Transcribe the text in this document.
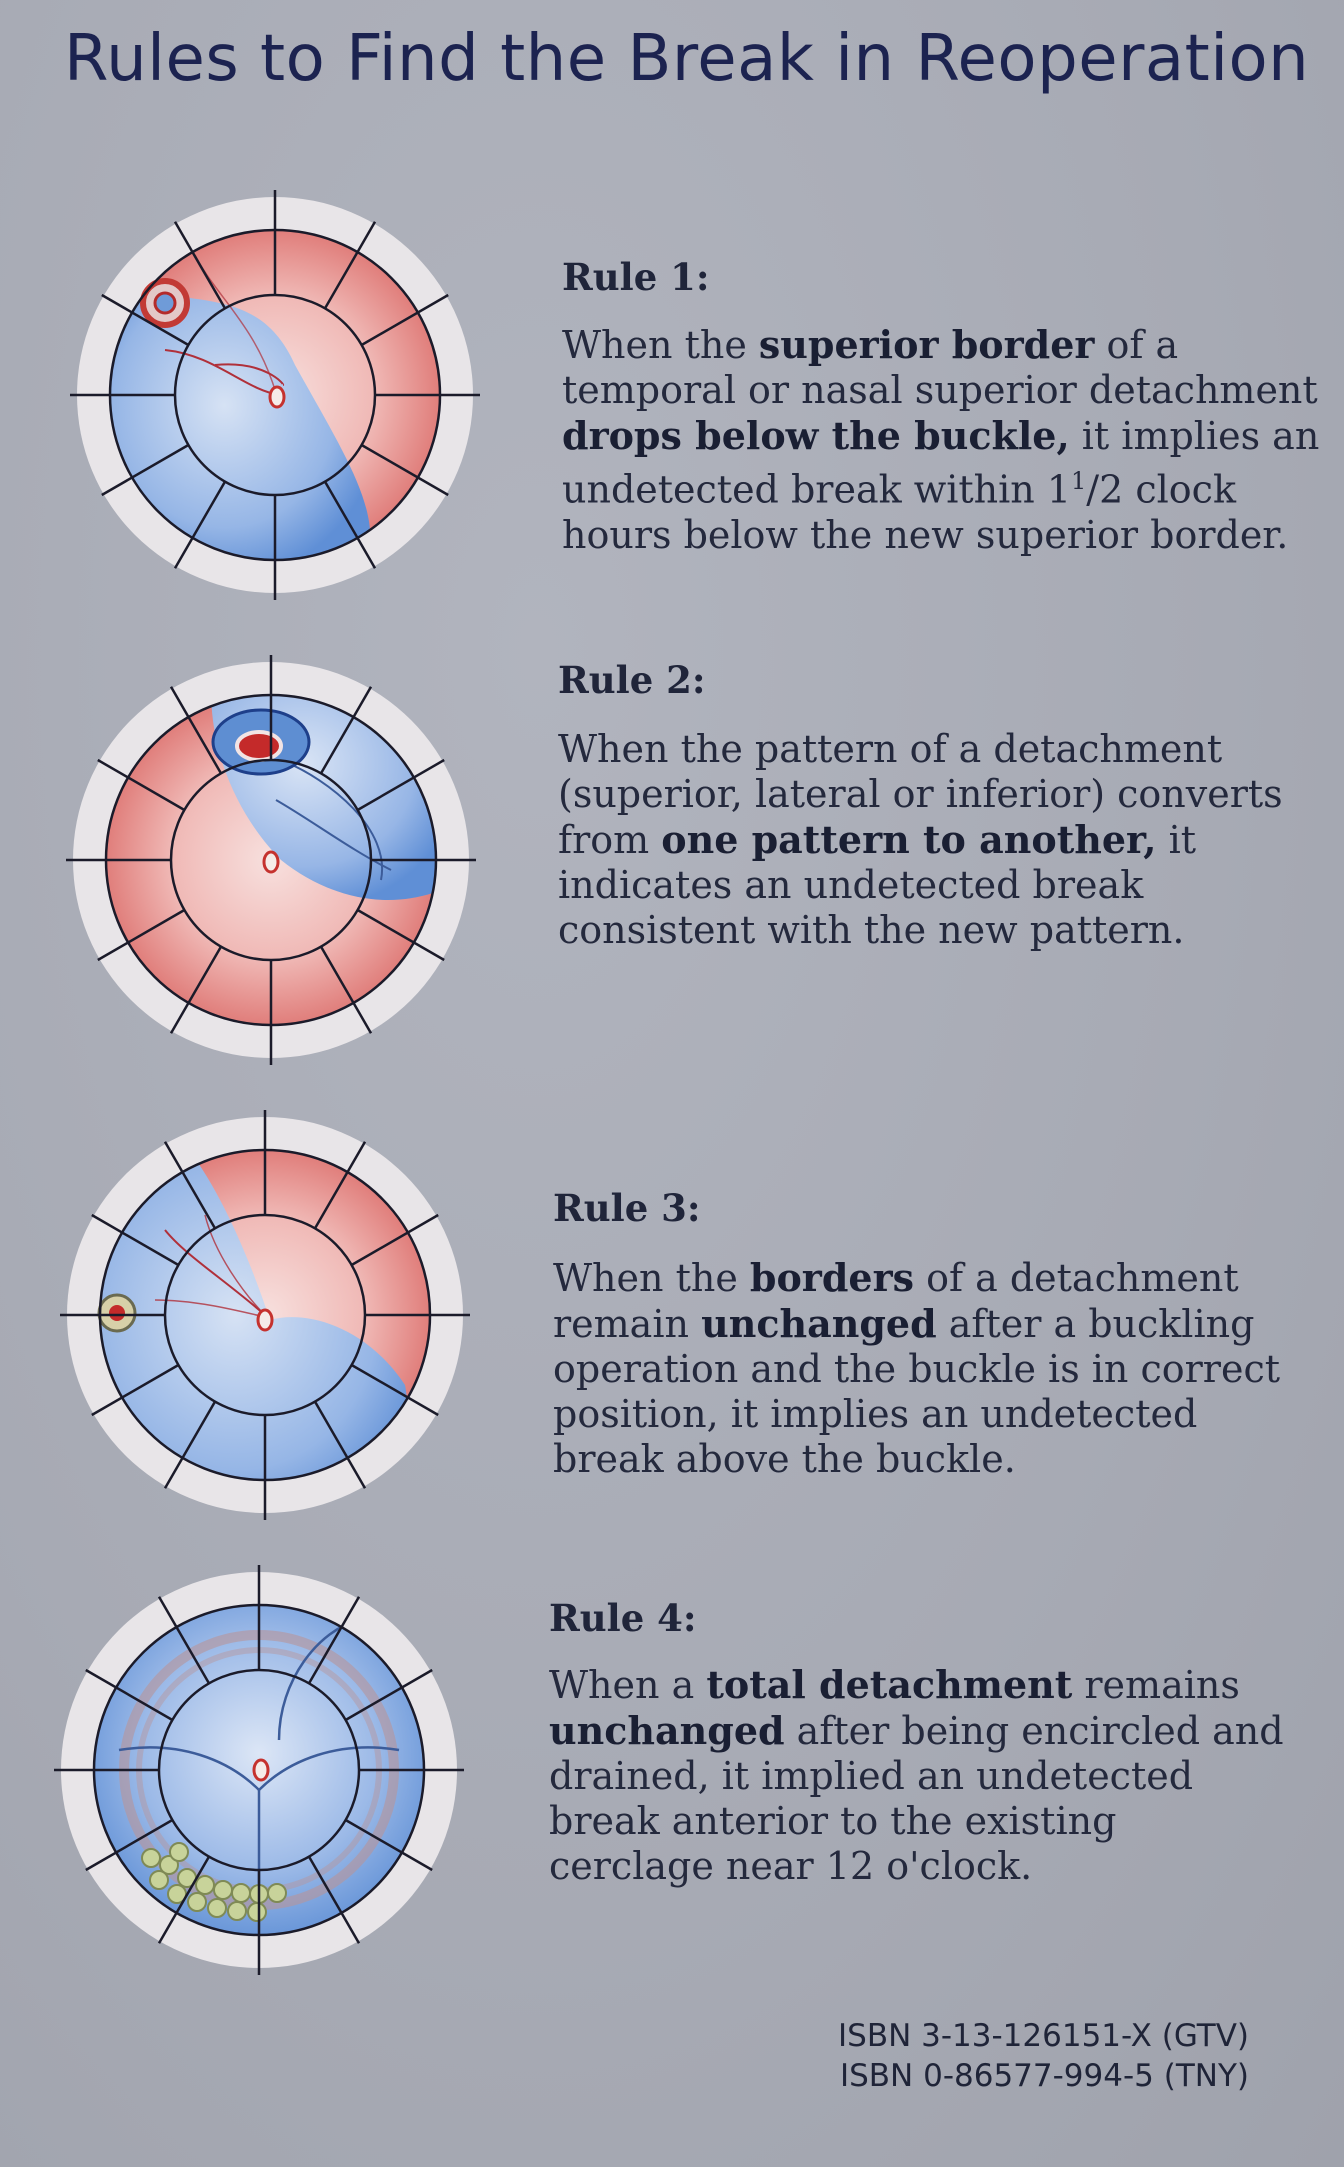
Rules to Find the Break in Reoperation
Rule 1:
When the superior border of a
temporal or nasal superior detachment
drops below the buckle, it implies an
undetected break within $1^1/2$ clock
hours below the new superior border.
Rule 2:
When the pattern of a detachment
(superior, lateral or inferior) converts
from one pattern to another, it
indicates an undetected break
consistent with the new pattern.
Rule 3:
When the borders of a detachment
remain unchanged after a buckling
operation and the buckle is in correct
position, it implies an undetected
break above the buckle.
Rule 4:
When a total detachment remains
unchanged after being encircled and
drained, it implied an undetected
break anterior to the existing
cerclage near 12 o'clock.
ISBN 3-13-126151-X (GTV)
ISBN 0-86577-994-5 (TNY)
